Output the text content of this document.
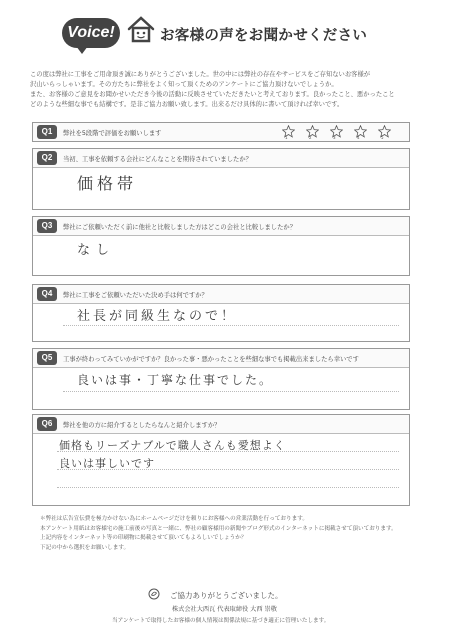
Voice!	お客様の声をお聞かせください

この度は弊社に工事をご用命頂き誠にありがとうございました。世の中には弊社の存在やサービスをご存知ないお客様が
沢山いらっしゃいます。その方たちに弊社をよく知って頂くためのアンケートにご協力頂けないでしょうか。
また、お客様のご意見をお聞かせいただき今後の活動に反映させていただきたいと考えております。良かったこと、悪かったこと
どのような些細な事でも結構です。是非ご協力お願い致します。出来るだけ具体的に書いて頂ければ幸いです。

Q1	弊社を5段階で評価をお願いします
1	2	3	4	5
Q2	当初、工事を依頼する会社にどんなことを期待されていましたか？
価格帯
Q3	弊社にご依頼いただく前に他社と比較しました方はどこの会社と比較しましたか？
なし
Q4	弊社に工事をご依頼いただいた決め手は何ですか？
社長が同級生なので！
Q5	工事が終わってみていかがですか？良かった事・悪かったことを些細な事でも掲載出来ましたら幸いです
良いは事・丁寧な仕事でした。
Q6	弊社を他の方に紹介するとしたらなんと紹介しますか？
価格もリーズナブルで職人さんも愛想よく
良いは事しいです

＊弊社は広告宣伝費を極力かけない為にホームページだけを頼りにお客様への営業活動を行っております。
本アンケート用紙はお客様宅の施工前後の写真と一緒に、弊社の顧客様用の新聞やブログ形式のインターネットに掲載させて頂いております。
上記内容をインターネット等の印刷物に掲載させて頂いてもよろしいでしょうか？
下記の中から選択をお願いします。

ご協力ありがとうございました。
株式会社大西瓦 代表取締役 大西 崇敬
当アンケートで取得したお客様の個人情報は関係法規に基づき適正に管理いたします。
